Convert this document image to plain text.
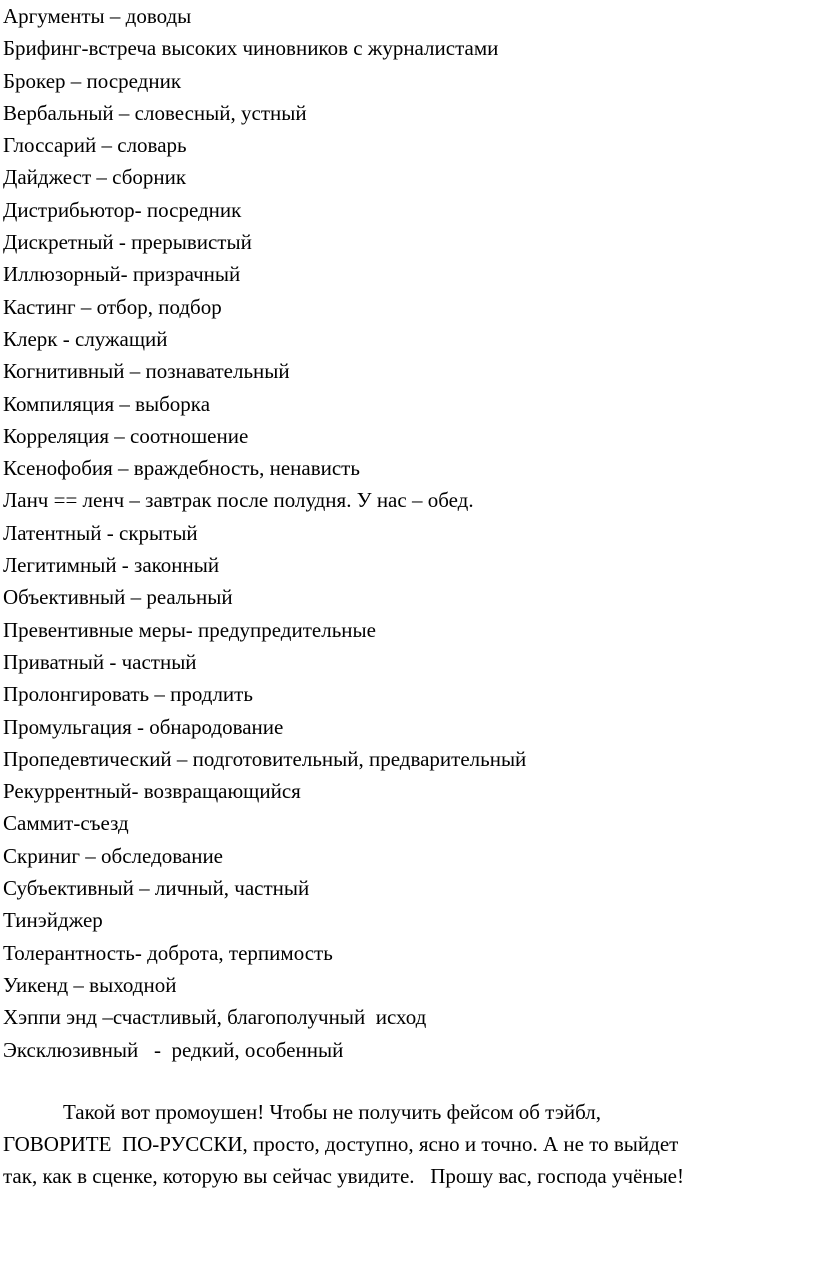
Аргументы – доводы
Брифинг-встреча высоких чиновников с журналистами
Брокер – посредник
Вербальный – словесный, устный
Глоссарий – словарь
Дайджест – сборник
Дистрибьютор- посредник
Дискретный - прерывистый
Иллюзорный- призрачный
Кастинг – отбор, подбор
Клерк - служащий
Когнитивный – познавательный
Компиляция – выборка
Корреляция – соотношение
Ксенофобия – враждебность, ненависть
Ланч == ленч – завтрак после полудня. У нас – обед.
Латентный - скрытый
Легитимный - законный
Объективный – реальный
Превентивные меры- предупредительные
Приватный - частный
Пролонгировать – продлить
Промульгация - обнародование
Пропедевтический – подготовительный, предварительный
Рекуррентный- возвращающийся
Саммит-съезд
Скриниг – обследование
Субъективный – личный, частный
Тинэйджер
Толерантность- доброта, терпимость
Уикенд – выходной
Хэппи энд –счастливый, благополучный  исход
Эксклюзивный   -  редкий, особенный

Такой вот промоушен! Чтобы не получить фейсом об тэйбл,
ГОВОРИТЕ  ПО-РУССКИ, просто, доступно, ясно и точно. А не то выйдет
так, как в сценке, которую вы сейчас увидите.   Прошу вас, господа учёные!
